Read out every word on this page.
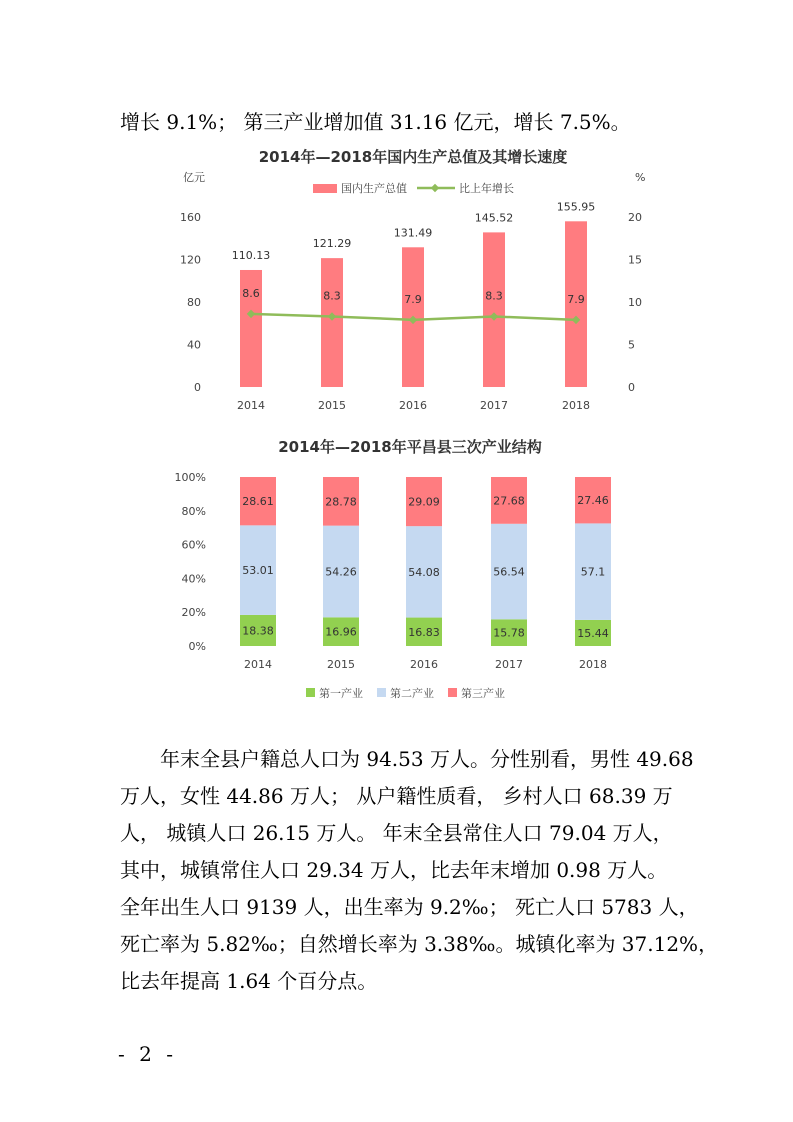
增长 9.1%； 第三产业增加值 31.16 亿元，增长 7.5%。
2014年—2018年国内生产总值及其增长速度
亿元	%
国内生产总值	比上年增长
0
40
80
120
160
0
5
10
15
20
110.13
2014
121.29
2015
131.49
2016
145.52
2017
155.95
2018
8.6	8.3	7.9	8.3	7.9
2014年—2018年平昌县三次产业结构
0%
20%
40%
60%
80%
100%
18.38
53.01
28.61
2014
16.96
54.26
28.78
2015
16.83
54.08
29.09
2016
15.78
56.54
27.68
2017
15.44
57.1
27.46
2018
第一产业 第二产业 第三产业
年末全县户籍总人口为 94.53 万人。分性别看，男性 49.68
万人，女性 44.86 万人； 从户籍性质看， 乡村人口 68.39 万
人， 城镇人口 26.15 万人。 年末全县常住人口 79.04 万人，
其中，城镇常住人口 29.34 万人，比去年末增加 0.98 万人。
全年出生人口 9139 人，出生率为 9.2‰； 死亡人口 5783 人，
死亡率为 5.82‰；自然增长率为 3.38‰。城镇化率为 37.12%，
比去年提高 1.64 个百分点。
- 2 -
